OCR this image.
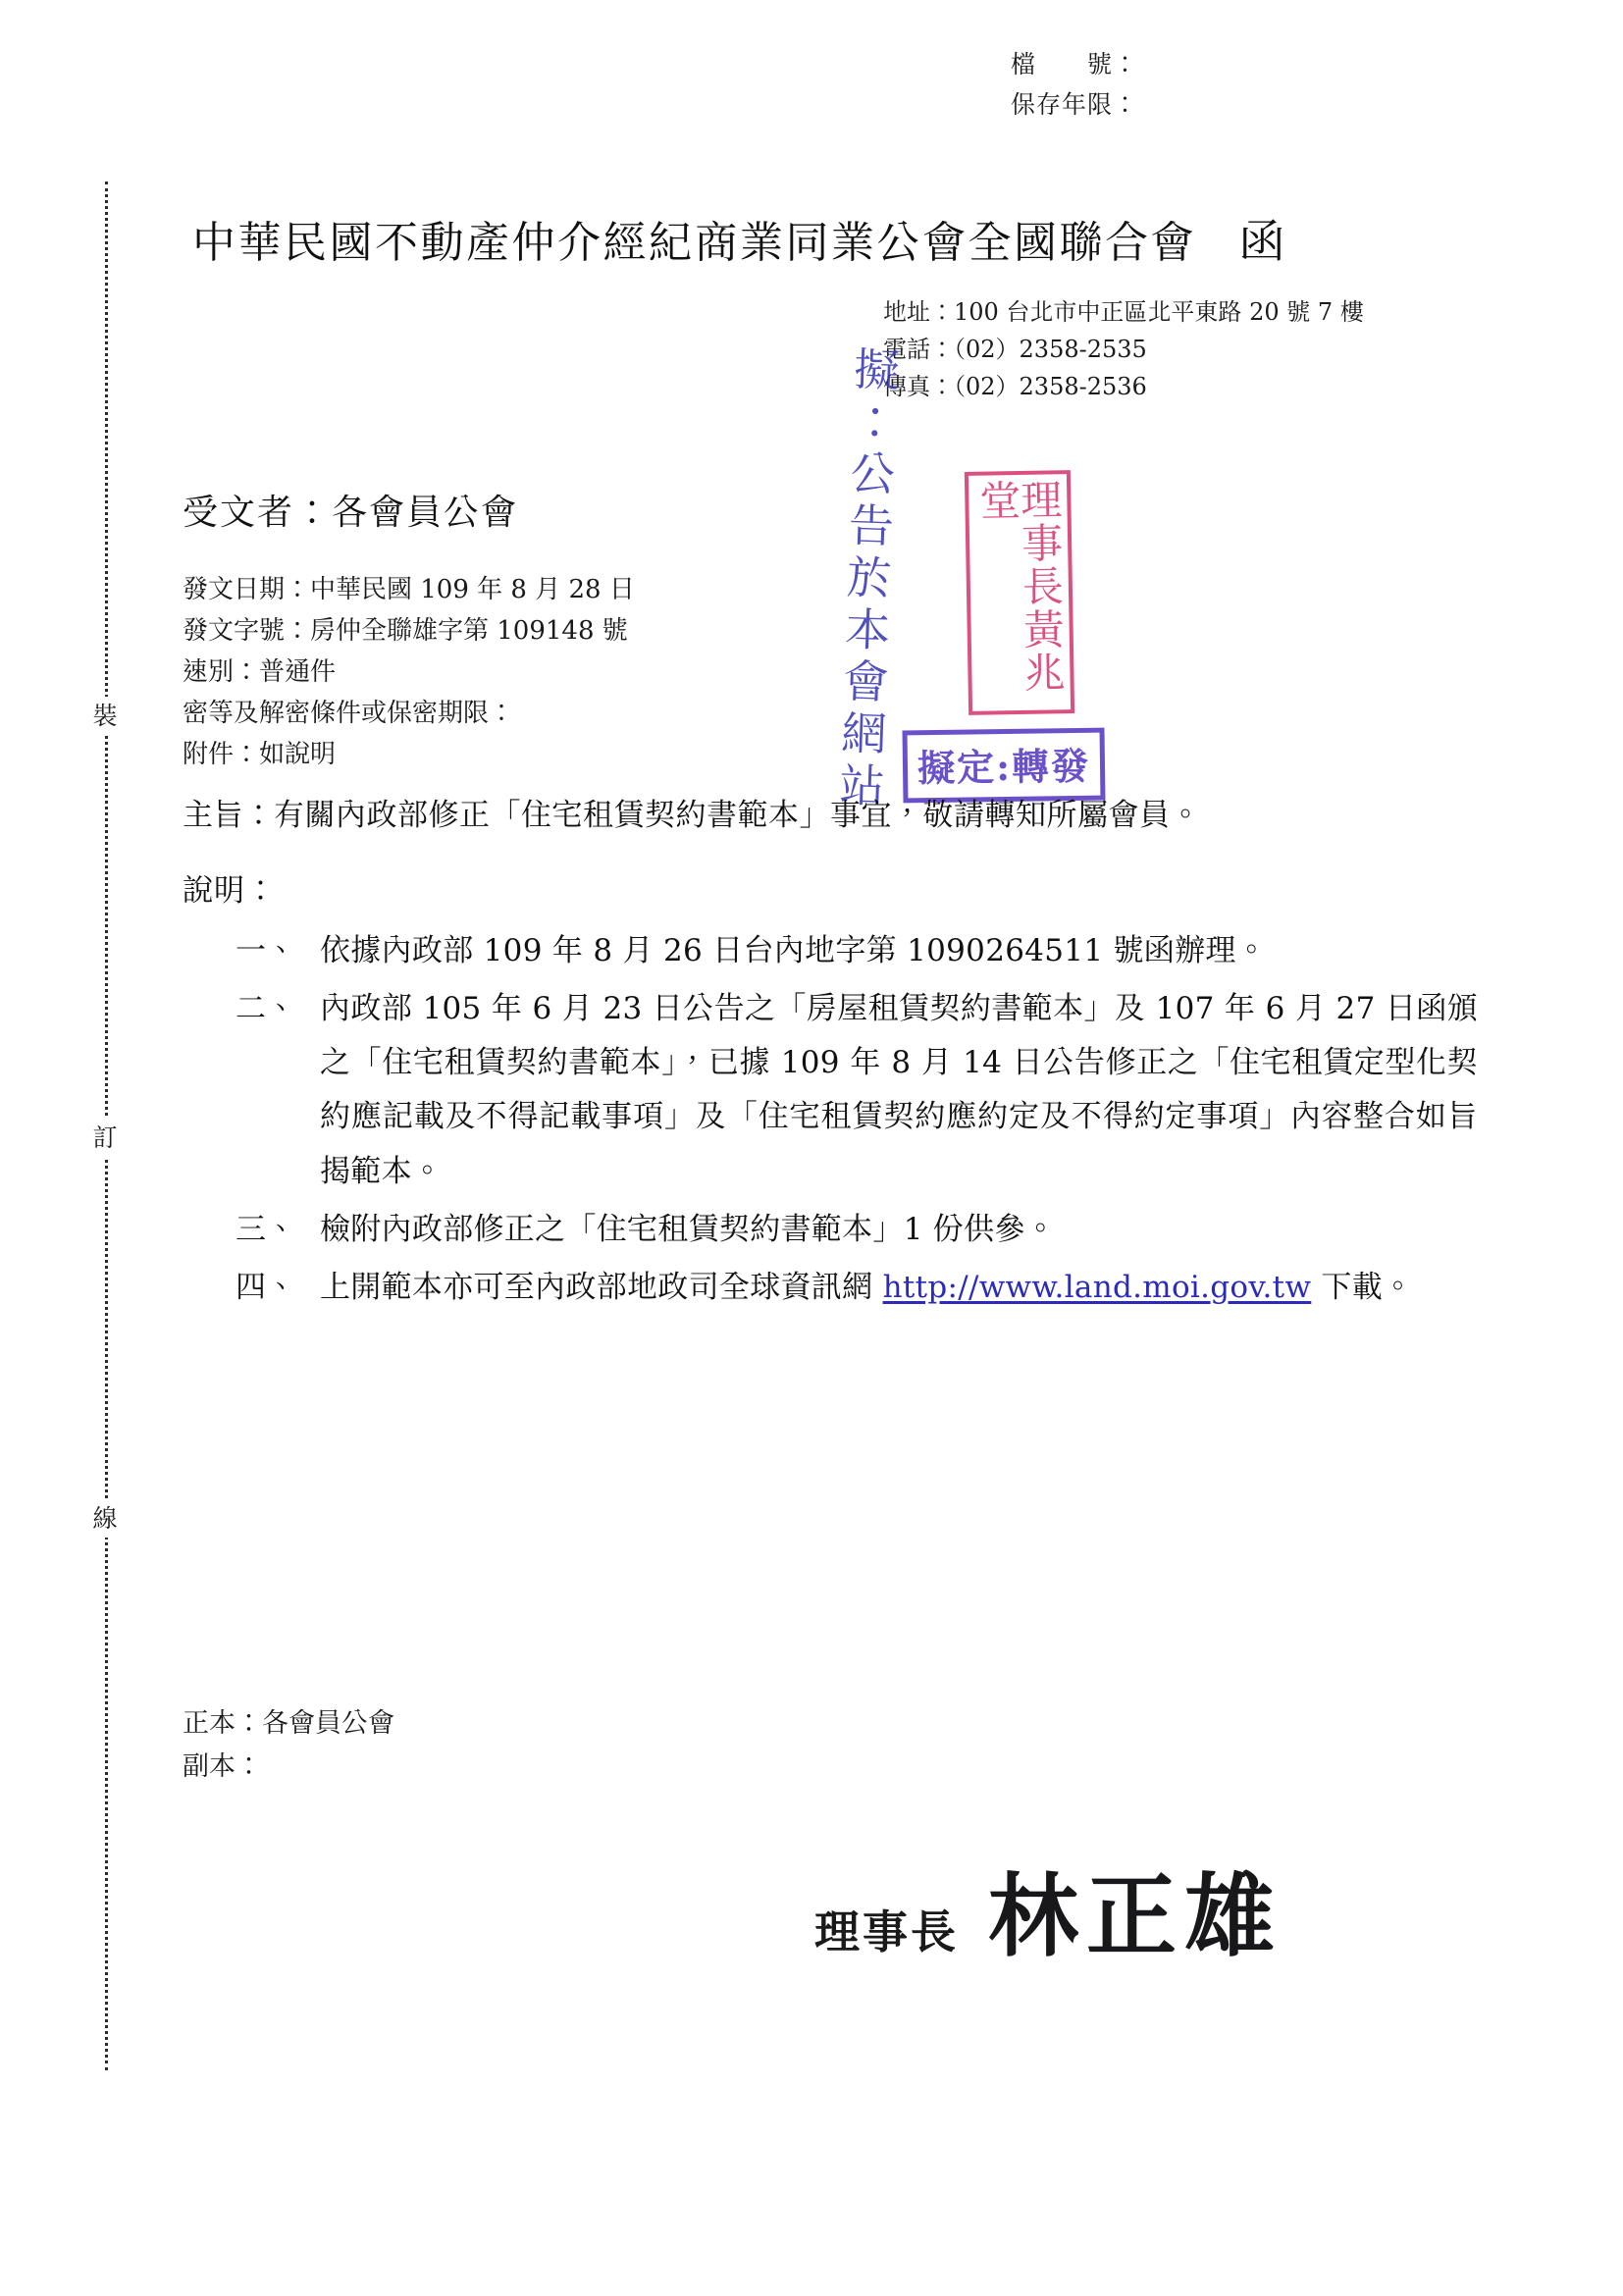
裝
訂
線
檔　　號：
保存年限：
中華民國不動產仲介經紀商業同業公會全國聯合會 函
地址：100 台北市中正區北平東路 20 號 7 樓
電話：（02）2358-2535
傳真：（02）2358-2536
擬：公告於本會網站	理事長黃兆堂
擬定:轉發
受文者：各會員公會
發文日期：中華民國 109 年 8 月 28 日
發文字號：房仲全聯雄字第 109148 號
速別：普通件
密等及解密條件或保密期限：
附件：如說明
主旨： 有關內政部修正「住宅租賃契約書範本」事宜，敬請轉知所屬會員。
說明：
一、 依據內政部 109 年 8 月 26 日台內地字第 1090264511 號函辦理。
二、 內政部 105 年 6 月 23 日公告之「房屋租賃契約書範本」及 107 年 6 月 27 日函頒之「住宅租賃契約書範本」，已據 109 年 8 月 14 日公告修正之「住宅租賃定型化契約應記載及不得記載事項」及「住宅租賃契約應約定及不得約定事項」內容整合如旨揭範本。
三、 檢附內政部修正之「住宅租賃契約書範本」1 份供參。
四、 上開範本亦可至內政部地政司全球資訊網 http://www.land.moi.gov.tw 下載。
正本：各會員公會
副本：
理事長 林正雄
